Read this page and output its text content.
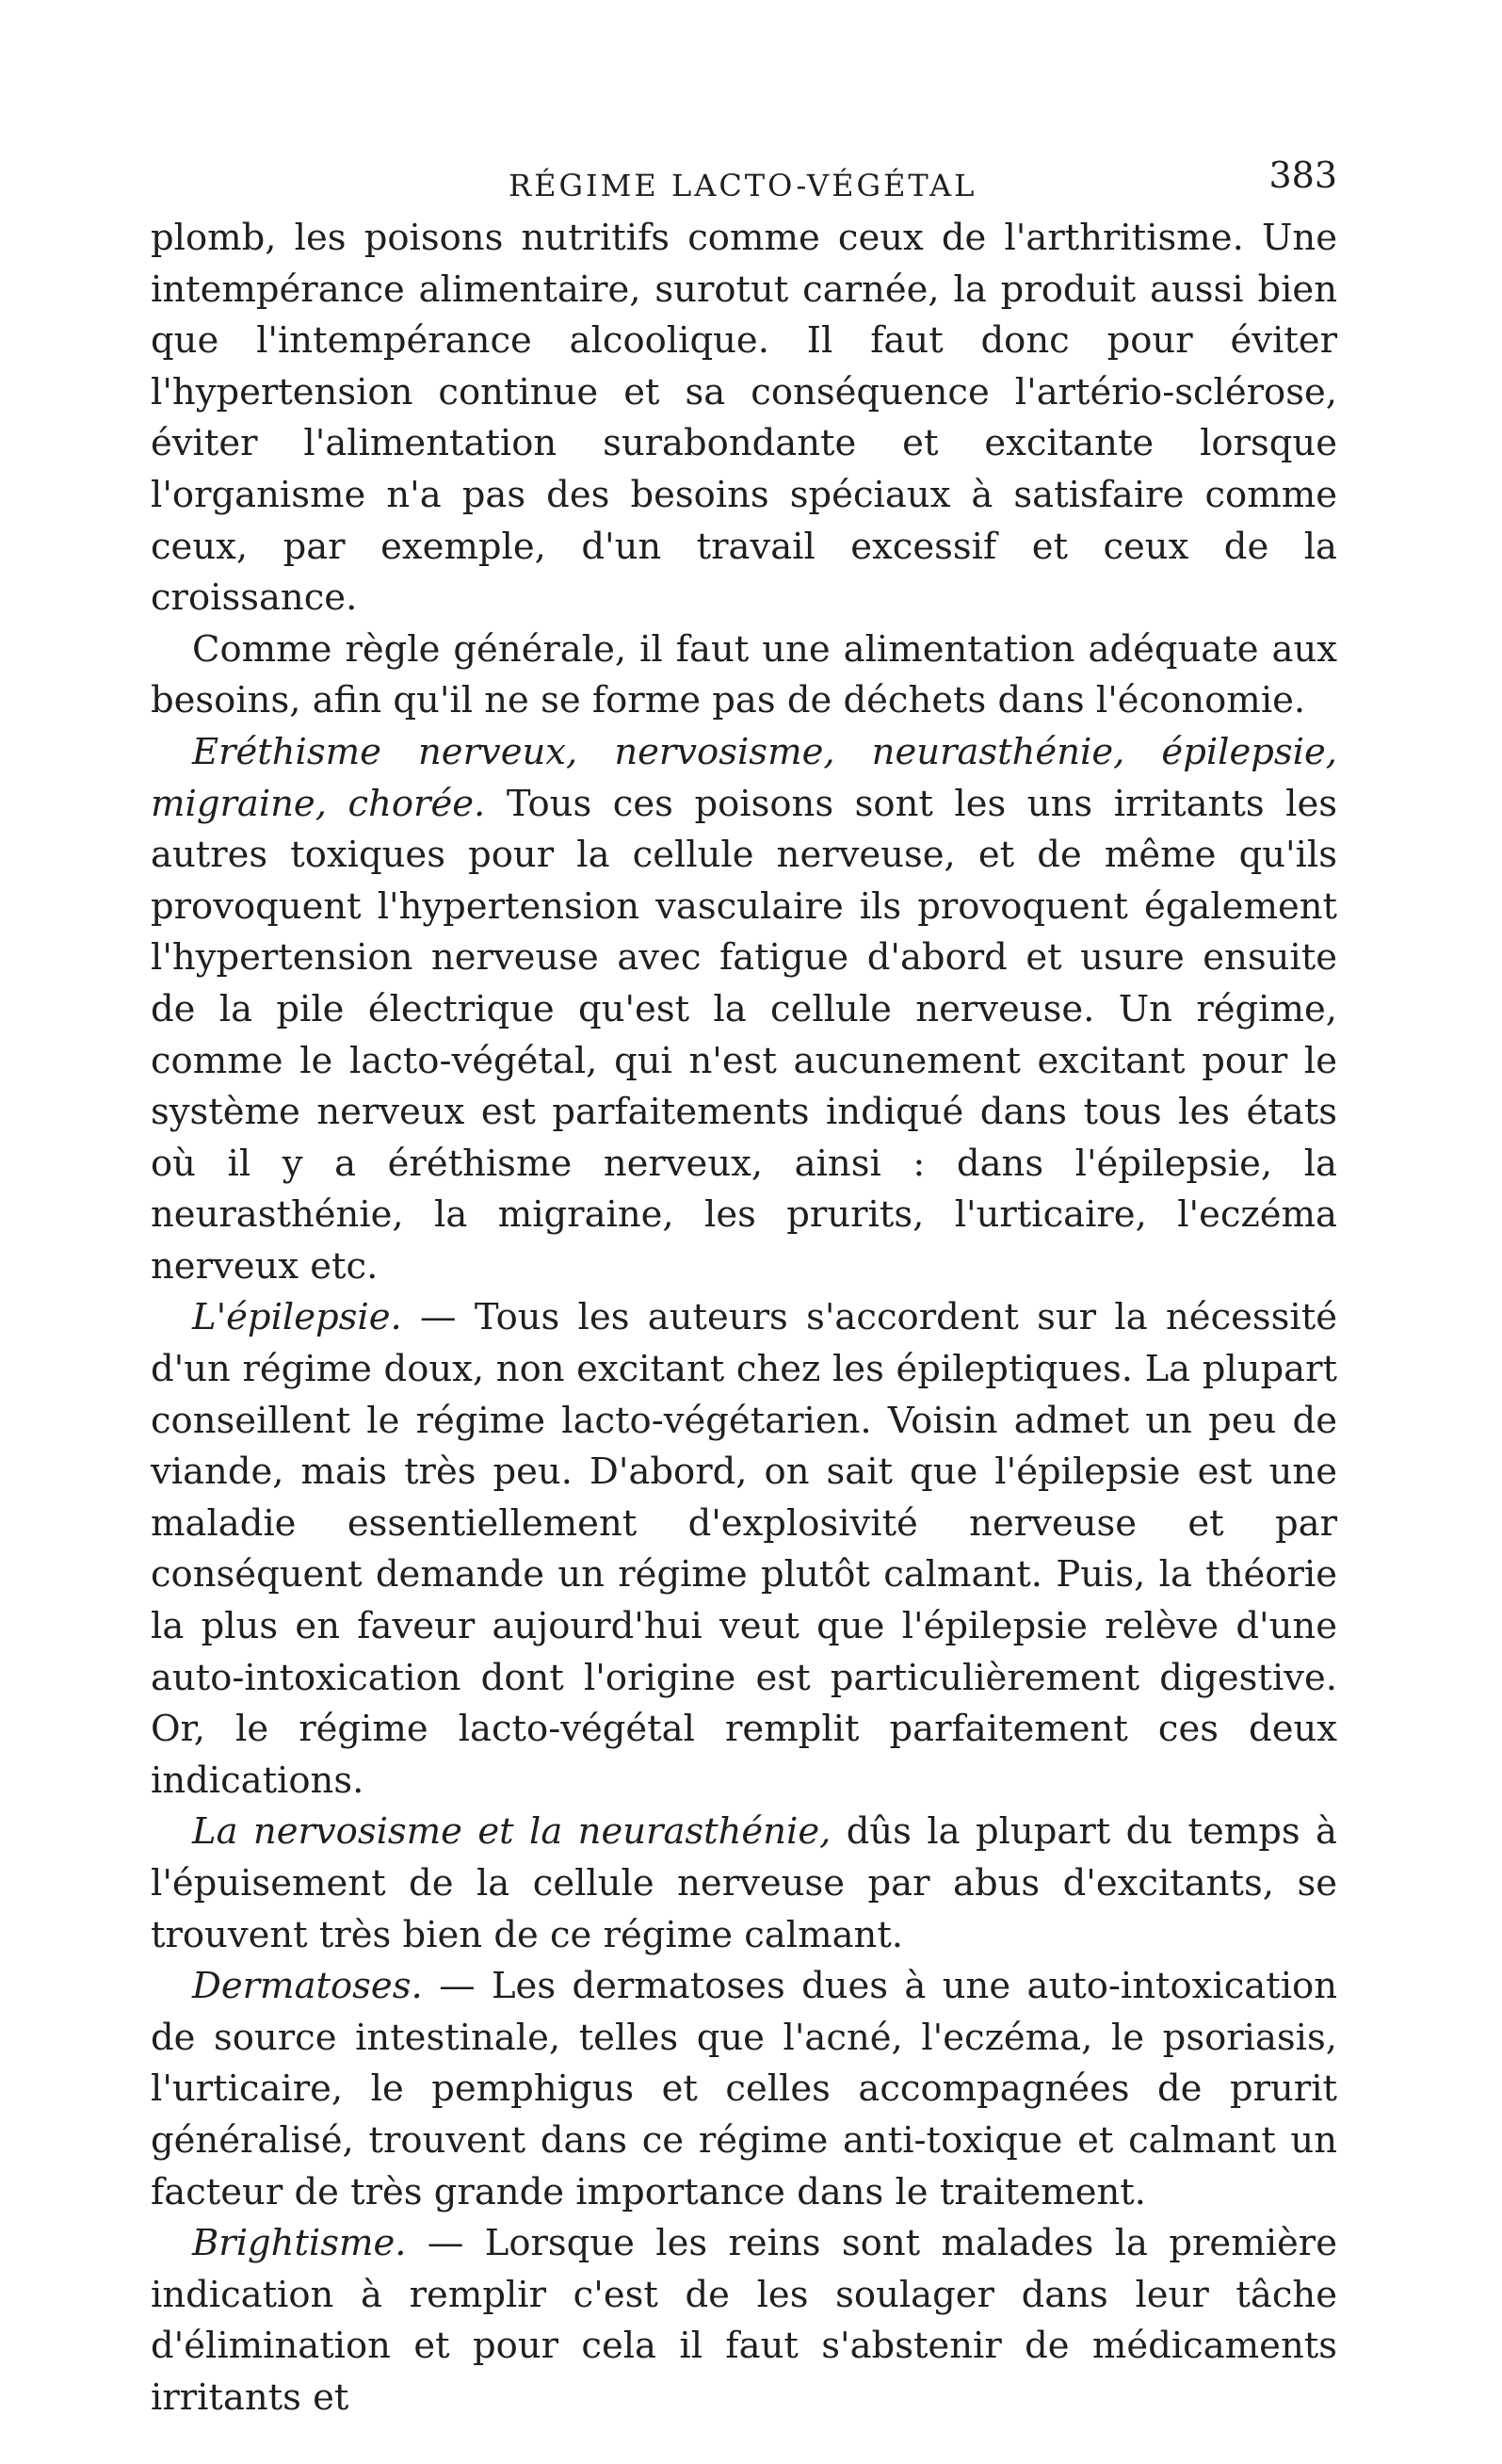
RÉGIME LACTO-VÉGÉTAL	383

plomb, les poisons nutritifs comme ceux de l'arthritisme. Une intempérance alimentaire, surotut carnée, la produit aussi bien que l'intempérance alcoolique. Il faut donc pour éviter l'hypertension continue et sa conséquence l'artério-sclérose, éviter l'alimentation surabondante et excitante lorsque l'organisme n'a pas des besoins spéciaux à satisfaire comme ceux, par exemple, d'un travail excessif et ceux de la croissance.

Comme règle générale, il faut une alimentation adéquate aux besoins, afin qu'il ne se forme pas de déchets dans l'économie.

Eréthisme nerveux, nervosisme, neurasthénie, épilepsie, migraine, chorée. Tous ces poisons sont les uns irritants les autres toxiques pour la cellule nerveuse, et de même qu'ils provoquent l'hypertension vasculaire ils provoquent également l'hypertension nerveuse avec fatigue d'abord et usure ensuite de la pile électrique qu'est la cellule nerveuse. Un régime, comme le lacto-végétal, qui n'est aucunement excitant pour le système nerveux est parfaitements indiqué dans tous les états où il y a éréthisme nerveux, ainsi : dans l'épilepsie, la neurasthénie, la migraine, les prurits, l'urticaire, l'eczéma nerveux etc.

L'épilepsie. — Tous les auteurs s'accordent sur la nécessité d'un régime doux, non excitant chez les épileptiques. La plupart conseillent le régime lacto-végétarien. Voisin admet un peu de viande, mais très peu. D'abord, on sait que l'épilepsie est une maladie essentiellement d'explosivité nerveuse et par conséquent demande un régime plutôt calmant. Puis, la théorie la plus en faveur aujourd'hui veut que l'épilepsie relève d'une auto-intoxication dont l'origine est particulièrement digestive. Or, le régime lacto-végétal remplit parfaitement ces deux indications.

La nervosisme et la neurasthénie, dûs la plupart du temps à l'épuisement de la cellule nerveuse par abus d'excitants, se trouvent très bien de ce régime calmant.

Dermatoses. — Les dermatoses dues à une auto-intoxication de source intestinale, telles que l'acné, l'eczéma, le psoriasis, l'urticaire, le pemphigus et celles accompagnées de prurit généralisé, trouvent dans ce régime anti-toxique et calmant un facteur de très grande importance dans le traitement.

Brightisme. — Lorsque les reins sont malades la première indication à remplir c'est de les soulager dans leur tâche d'élimination et pour cela il faut s'abstenir de médicaments irritants et
